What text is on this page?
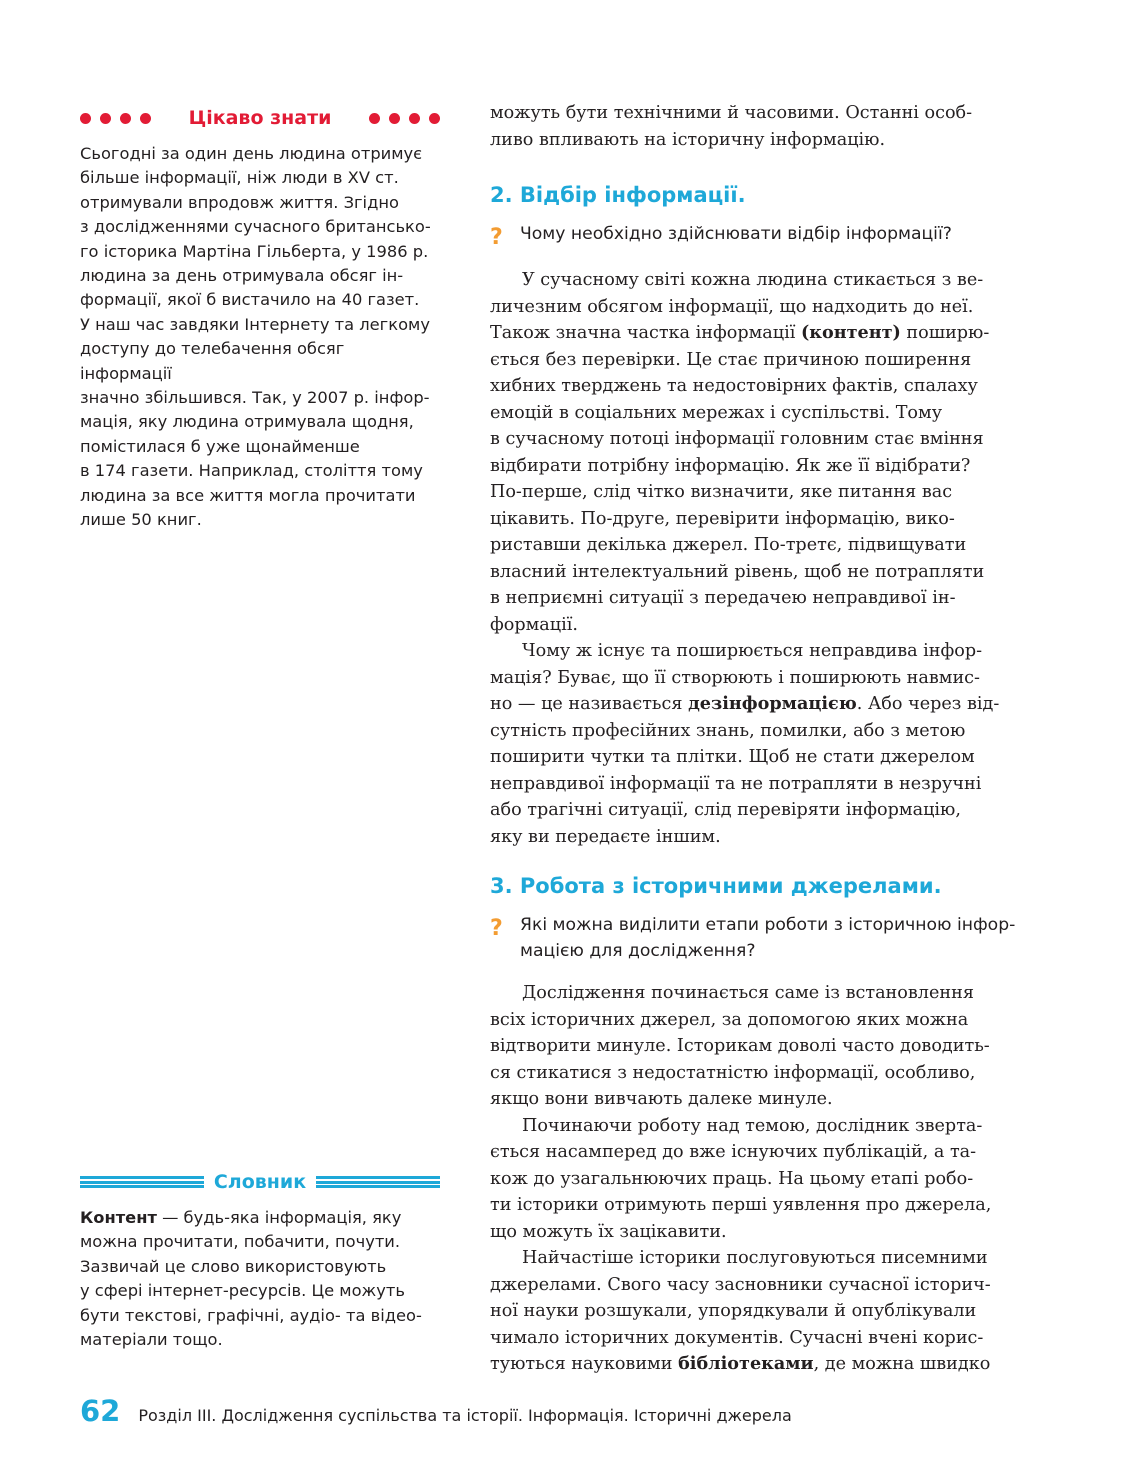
Цікаво знати
Сьогодні за один день людина отримує
більше інформації, ніж люди в XV ст.
отримували впродовж життя. Згідно
з дослідженнями сучасного британсько-
го історика Мартіна Гільберта, у 1986 р.
людина за день отримувала обсяг ін-
формації, якої б вистачило на 40 газет.
У наш час завдяки Інтернету та легкому
доступу до телебачення обсяг інформації
значно збільшився. Так, у 2007 р. інфор-
мація, яку людина отримувала щодня,
помістилася б уже щонайменше
в 174 газети. Наприклад, століття тому
людина за все життя могла прочитати
лише 50 книг.
Словник
Контент — будь-яка інформація, яку
можна прочитати, побачити, почути.
Зазвичай це слово використовують
у сфері інтернет-ресурсів. Це можуть
бути текстові, графічні, аудіо- та відео-
матеріали тощо.

можуть бути технічними й часовими. Останні особ-
ливо впливають на історичну інформацію.

2. Відбір інформації.
?	Чому необхідно здійснювати відбір інформації?

У сучасному світі кожна людина стикається з ве-
личезним обсягом інформації, що надходить до неї.
Також значна частка інформації (контент) поширю-
ється без перевірки. Це стає причиною поширення
хибних тверджень та недостовірних фактів, спалаху
емоцій в соціальних мережах і суспільстві. Тому
в сучасному потоці інформації головним стає вміння
відбирати потрібну інформацію. Як же її відібрати?
По-перше, слід чітко визначити, яке питання вас
цікавить. По-друге, перевірити інформацію, вико-
риставши декілька джерел. По-третє, підвищувати
власний інтелектуальний рівень, щоб не потрапляти
в неприємні ситуації з передачею неправдивої ін-
формації.

Чому ж існує та поширюється неправдива інфор-
мація? Буває, що її створюють і поширюють навмис-
но — це називається дезінформацією. Або через від-
сутність професійних знань, помилки, або з метою
поширити чутки та плітки. Щоб не стати джерелом
неправдивої інформації та не потрапляти в незручні
або трагічні ситуації, слід перевіряти інформацію,
яку ви передаєте іншим.

3. Робота з історичними джерелами.
?	Які можна виділити етапи роботи з історичною інфор-
мацією для дослідження?

Дослідження починається саме із встановлення
всіх історичних джерел, за допомогою яких можна
відтворити минуле. Історикам доволі часто доводить-
ся стикатися з недостатністю інформації, особливо,
якщо вони вивчають далеке минуле.

Починаючи роботу над темою, дослідник зверта-
ється насамперед до вже існуючих публікацій, а та-
кож до узагальнюючих праць. На цьому етапі робо-
ти історики отримують перші уявлення про джерела,
що можуть їх зацікавити.

Найчастіше історики послуговуються писемними
джерелами. Свого часу засновники сучасної історич-
ної науки розшукали, упорядкували й опублікували
чимало історичних документів. Сучасні вчені корис-
туються науковими бібліотеками, де можна швидко

62 Розділ ІІІ. Дослідження суспільства та історії. Інформація. Історичні джерела
